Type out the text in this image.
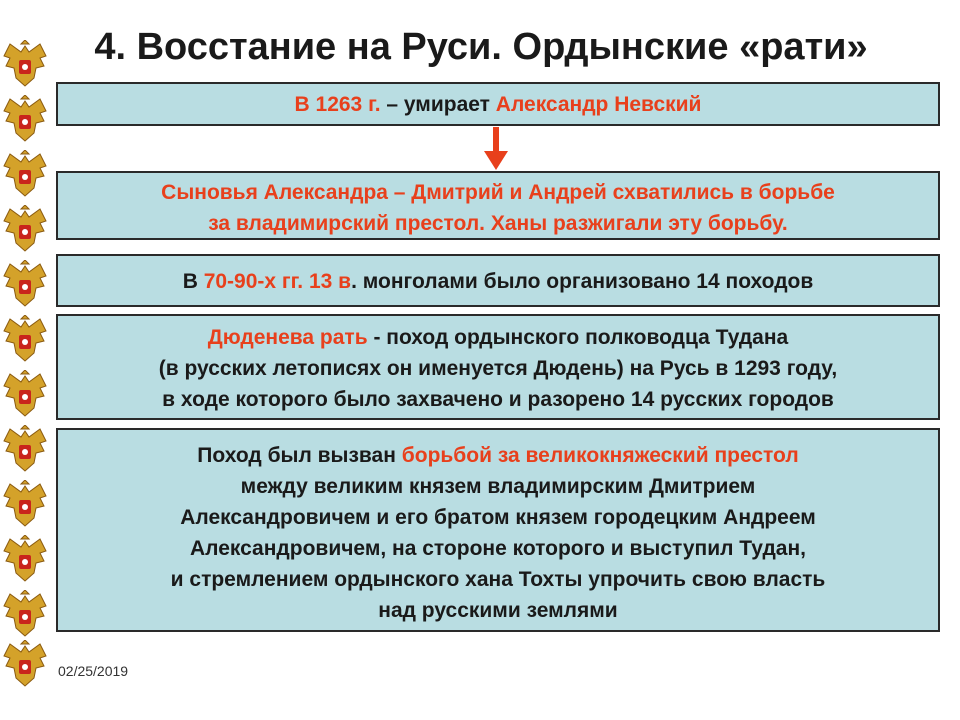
4. Восстание на Руси. Ордынские «рати»

В 1263 г. – умирает Александр Невский

Сыновья Александра – Дмитрий и Андрей схватились в борьбе

за владимирский престол. Ханы разжигали эту борьбу.

В 70-90-х гг. 13 в. монголами было организовано 14 походов

Дюденева рать - поход ордынского полководца Тудана

(в русских летописях он именуется Дюдень) на Русь в 1293 году,

в ходе которого было захвачено и разорено 14 русских городов

Поход был вызван борьбой за великокняжеский престол

между великим князем владимирским Дмитрием

Александровичем и его братом князем городецким Андреем

Александровичем, на стороне которого и выступил Тудан,

и стремлением ордынского хана Тохты упрочить свою власть

над русскими землями

02/25/2019
